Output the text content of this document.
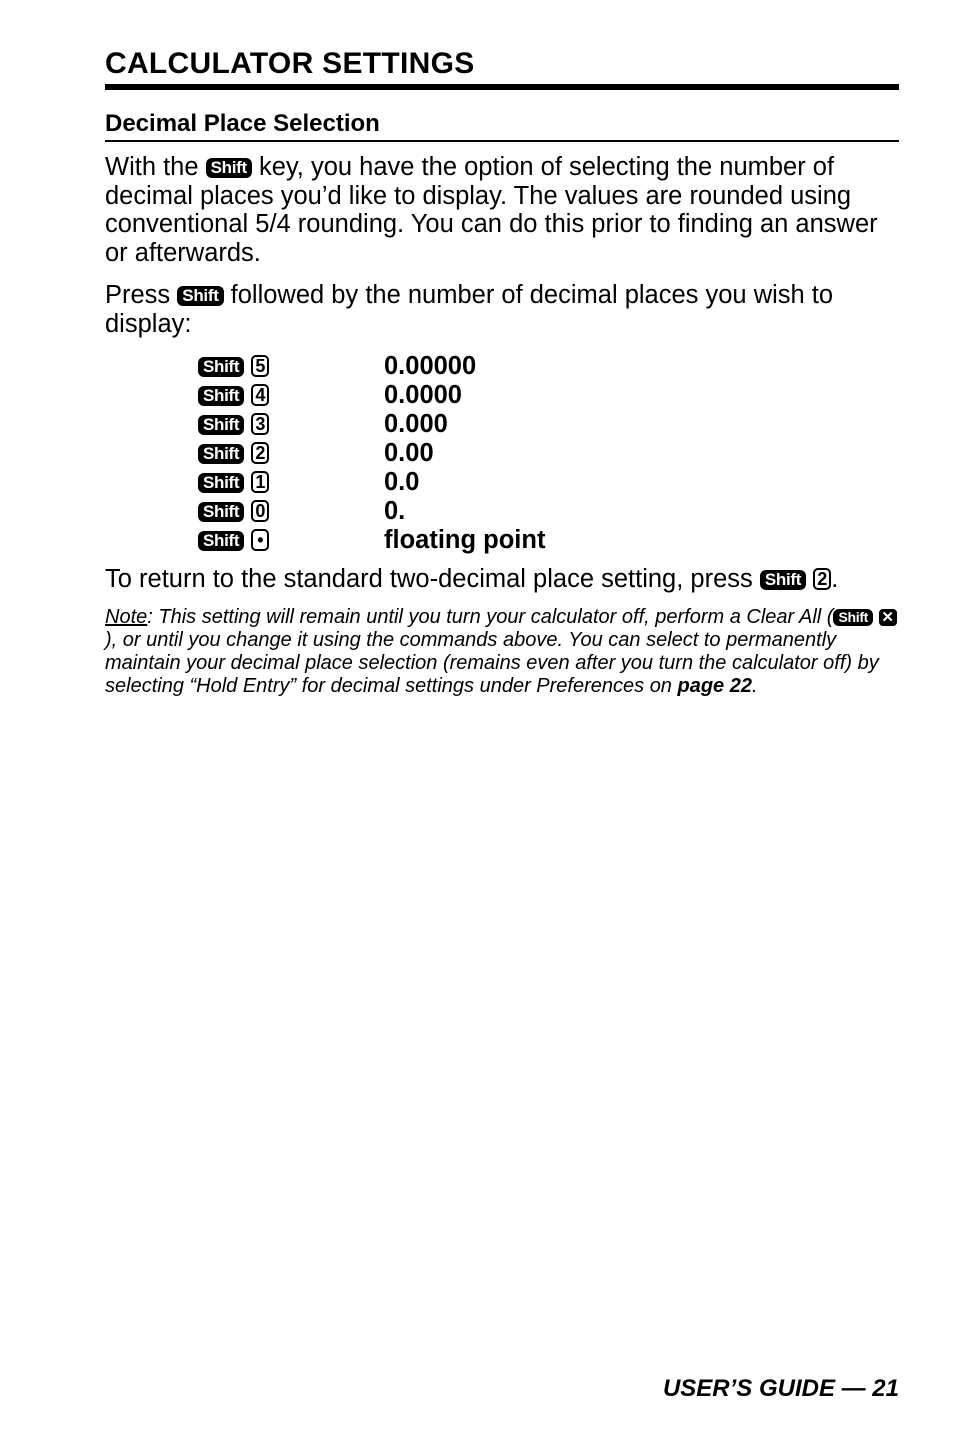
CALCULATOR SETTINGS
Decimal Place Selection
With the Shift key, you have the option of selecting the number of decimal places you’d like to display. The values are rounded using conventional 5/4 rounding. You can do this prior to finding an answer or afterwards.
Press Shift followed by the number of decimal places you wish to display:
Shift 5	0.00000
Shift 4	0.0000
Shift 3	0.000
Shift 2	0.00
Shift 1	0.0
Shift 0	0.
Shift •	floating point
To return to the standard two-decimal place setting, press Shift 2 .
Note: This setting will remain until you turn your calculator off, perform a Clear All ( Shift ✕), or until you change it using the commands above. You can select to permanently maintain your decimal place selection (remains even after you turn the calculator off) by selecting “Hold Entry” for decimal settings under Preferences on page 22.
USER’S GUIDE — 21
